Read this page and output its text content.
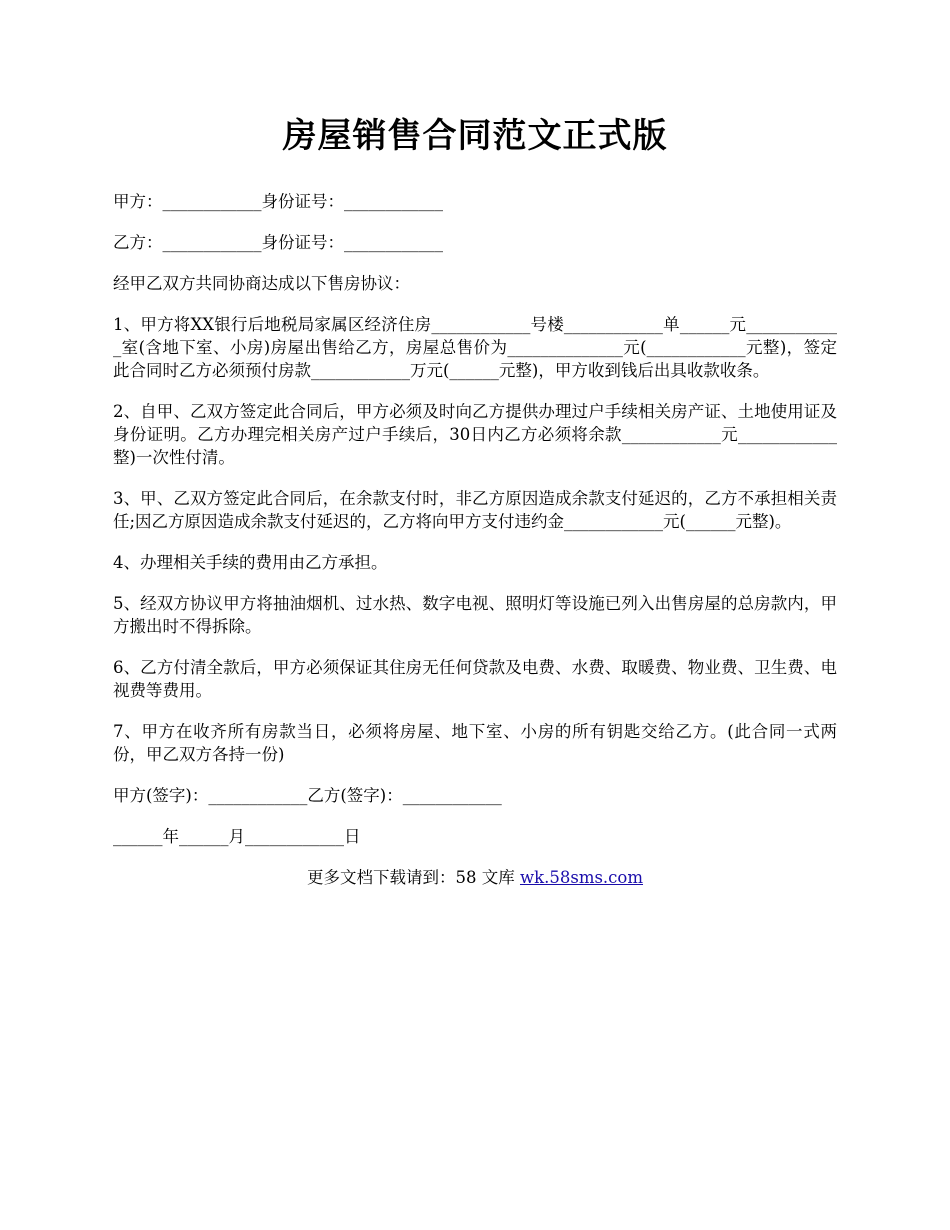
房屋销售合同范文正式版

甲方：____________身份证号：____________

乙方：____________身份证号：____________

经甲乙双方共同协商达成以下售房协议：

1、甲方将XX银行后地税局家属区经济住房____________号楼____________单______元____________室(含地下室、小房)房屋出售给乙方，房屋总售价为______________元(____________元整)，签定此合同时乙方必须预付房款____________万元(______元整)，甲方收到钱后出具收款收条。

2、自甲、乙双方签定此合同后，甲方必须及时向乙方提供办理过户手续相关房产证、土地使用证及身份证明。乙方办理完相关房产过户手续后，30日内乙方必须将余款____________元____________整)一次性付清。

3、甲、乙双方签定此合同后，在余款支付时，非乙方原因造成余款支付延迟的，乙方不承担相关责任;因乙方原因造成余款支付延迟的，乙方将向甲方支付违约金____________元(______元整)。

4、办理相关手续的费用由乙方承担。

5、经双方协议甲方将抽油烟机、过水热、数字电视、照明灯等设施已列入出售房屋的总房款内，甲方搬出时不得拆除。

6、乙方付清全款后，甲方必须保证其住房无任何贷款及电费、水费、取暖费、物业费、卫生费、电视费等费用。

7、甲方在收齐所有房款当日，必须将房屋、地下室、小房的所有钥匙交给乙方。(此合同一式两份，甲乙双方各持一份)

甲方(签字)：____________乙方(签字)：____________

______年______月____________日

更多文档下载请到：58 文库 wk.58sms.com
